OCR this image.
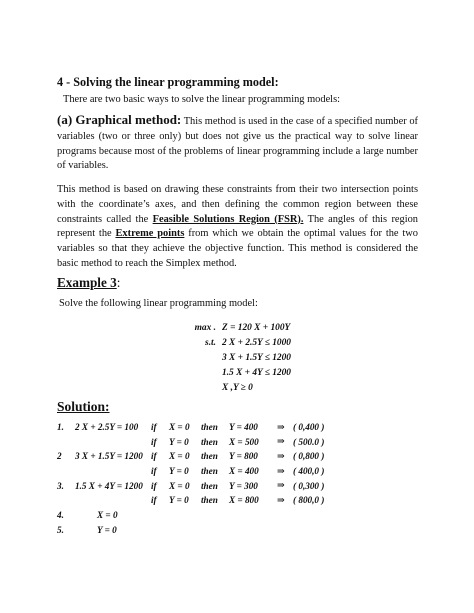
4 - Solving the linear programming model:
There are two basic ways to solve the linear programming models:

(a) Graphical method: This method is used in the case of a specified number of variables (two or three only) but does not give us the practical way to solve linear programs because most of the problems of linear programming include a large number of variables.

This method is based on drawing these constraints from their two intersection points with the coordinate’s axes, and then defining the common region between these constraints called the Feasible Solutions Region (FSR). The angles of this region represent the Extreme points from which we obtain the optimal values for the two variables so that they achieve the objective function. This method is considered the basic method to reach the Simplex method.

Example 3:
Solve the following linear programming model:
max . Z = 120 X + 100Y
s.t. 2 X + 2.5Y ≤ 1000
3 X + 1.5Y ≤ 1200
1.5 X + 4Y ≤ 1200
X ,Y ≥ 0
Solution:
1.	2 X + 2.5Y = 100	if	X = 0	then	Y = 400	⇒	( 0,400 )
		if	Y = 0	then	X = 500	⇒	( 500.0 )
2	3 X + 1.5Y = 1200	if	X = 0	then	Y = 800	⇒	( 0,800 )
		if	Y = 0	then	X = 400	⇒	( 400,0 )
3.	1.5 X + 4Y = 1200	if	X = 0	then	Y = 300	⇒	( 0,300 )
		if	Y = 0	then	X = 800	⇒	( 800,0 )
4.	X = 0
5.	Y = 0
